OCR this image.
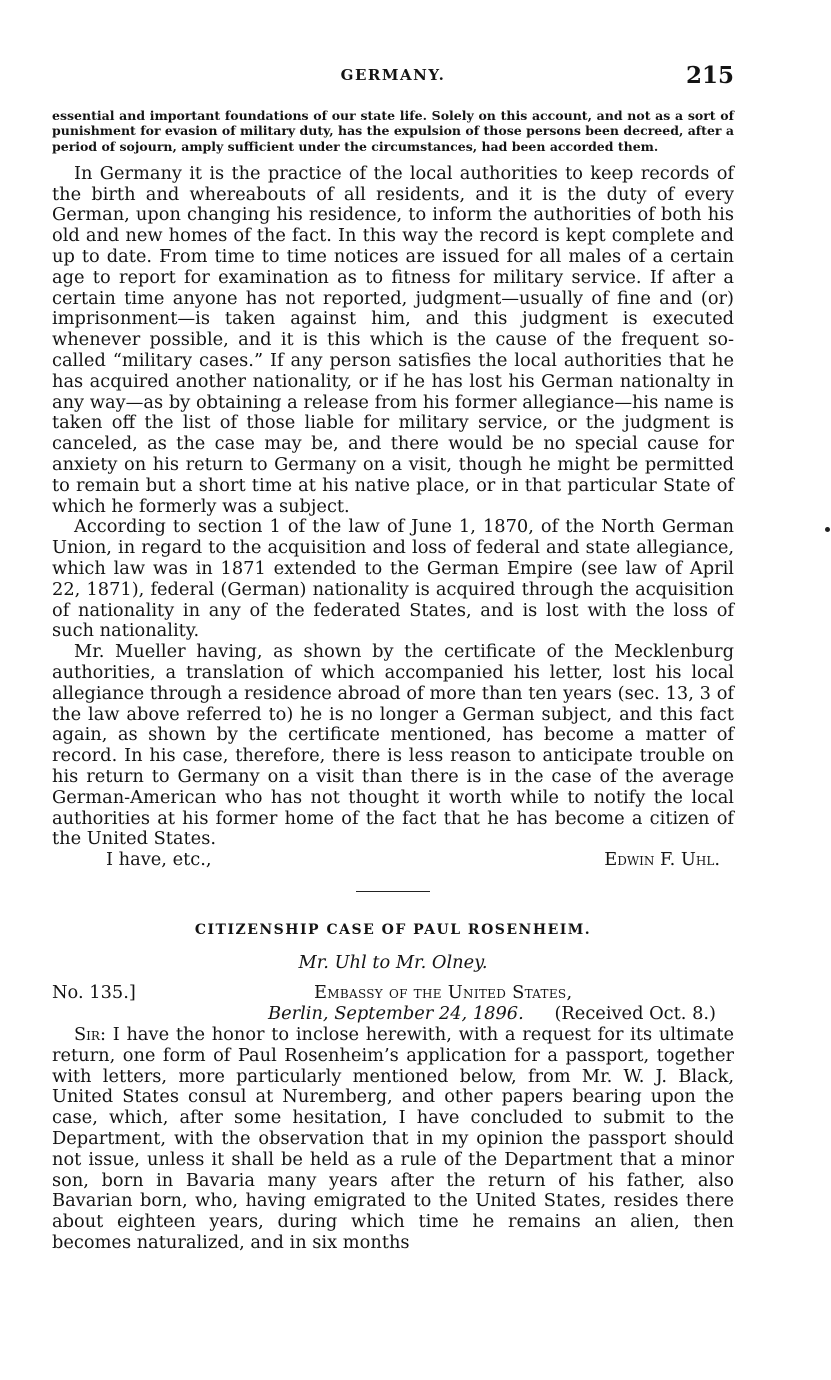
GERMANY.	215

essential and important foundations of our state life. Solely on this account, and not as a sort of punishment for evasion of military duty, has the expulsion of those persons been decreed, after a period of sojourn, amply sufficient under the circumstances, had been accorded them.

In Germany it is the practice of the local authorities to keep records of the birth and whereabouts of all residents, and it is the duty of every German, upon changing his residence, to inform the authorities of both his old and new homes of the fact. In this way the record is kept complete and up to date. From time to time notices are issued for all males of a certain age to report for examination as to fitness for military service. If after a certain time anyone has not reported, judgment—usually of fine and (or) imprisonment—is taken against him, and this judgment is executed whenever possible, and it is this which is the cause of the frequent so-called “military cases.” If any person satisfies the local authorities that he has acquired another nationality, or if he has lost his German nationalty in any way—as by obtaining a release from his former allegiance—his name is taken off the list of those liable for military service, or the judgment is canceled, as the case may be, and there would be no special cause for anxiety on his return to Germany on a visit, though he might be permitted to remain but a short time at his native place, or in that particular State of which he formerly was a subject.

According to section 1 of the law of June 1, 1870, of the North German Union, in regard to the acquisition and loss of federal and state allegiance, which law was in 1871 extended to the German Empire (see law of April 22, 1871), federal (German) nationality is acquired through the acquisition of nationality in any of the federated States, and is lost with the loss of such nationality.

Mr. Mueller having, as shown by the certificate of the Mecklenburg authorities, a translation of which accompanied his letter, lost his local allegiance through a residence abroad of more than ten years (sec. 13, 3 of the law above referred to) he is no longer a German subject, and this fact again, as shown by the certificate mentioned, has become a matter of record. In his case, therefore, there is less reason to anticipate trouble on his return to Germany on a visit than there is in the case of the average German-American who has not thought it worth while to notify the local authorities at his former home of the fact that he has become a citizen of the United States.

I have, etc.,	Edwin F. Uhl.
CITIZENSHIP CASE OF PAUL ROSENHEIM.
Mr. Uhl to Mr. Olney.
No. 135.]	Embassy of the United States,
Berlin, September 24, 1896. (Received Oct. 8.)

Sir: I have the honor to inclose herewith, with a request for its ultimate return, one form of Paul Rosenheim’s application for a passport, together with letters, more particularly mentioned below, from Mr. W. J. Black, United States consul at Nuremberg, and other papers bearing upon the case, which, after some hesitation, I have concluded to submit to the Department, with the observation that in my opinion the passport should not issue, unless it shall be held as a rule of the Department that a minor son, born in Bavaria many years after the return of his father, also Bavarian born, who, having emigrated to the United States, resides there about eighteen years, during which time he remains an alien, then becomes naturalized, and in six months
